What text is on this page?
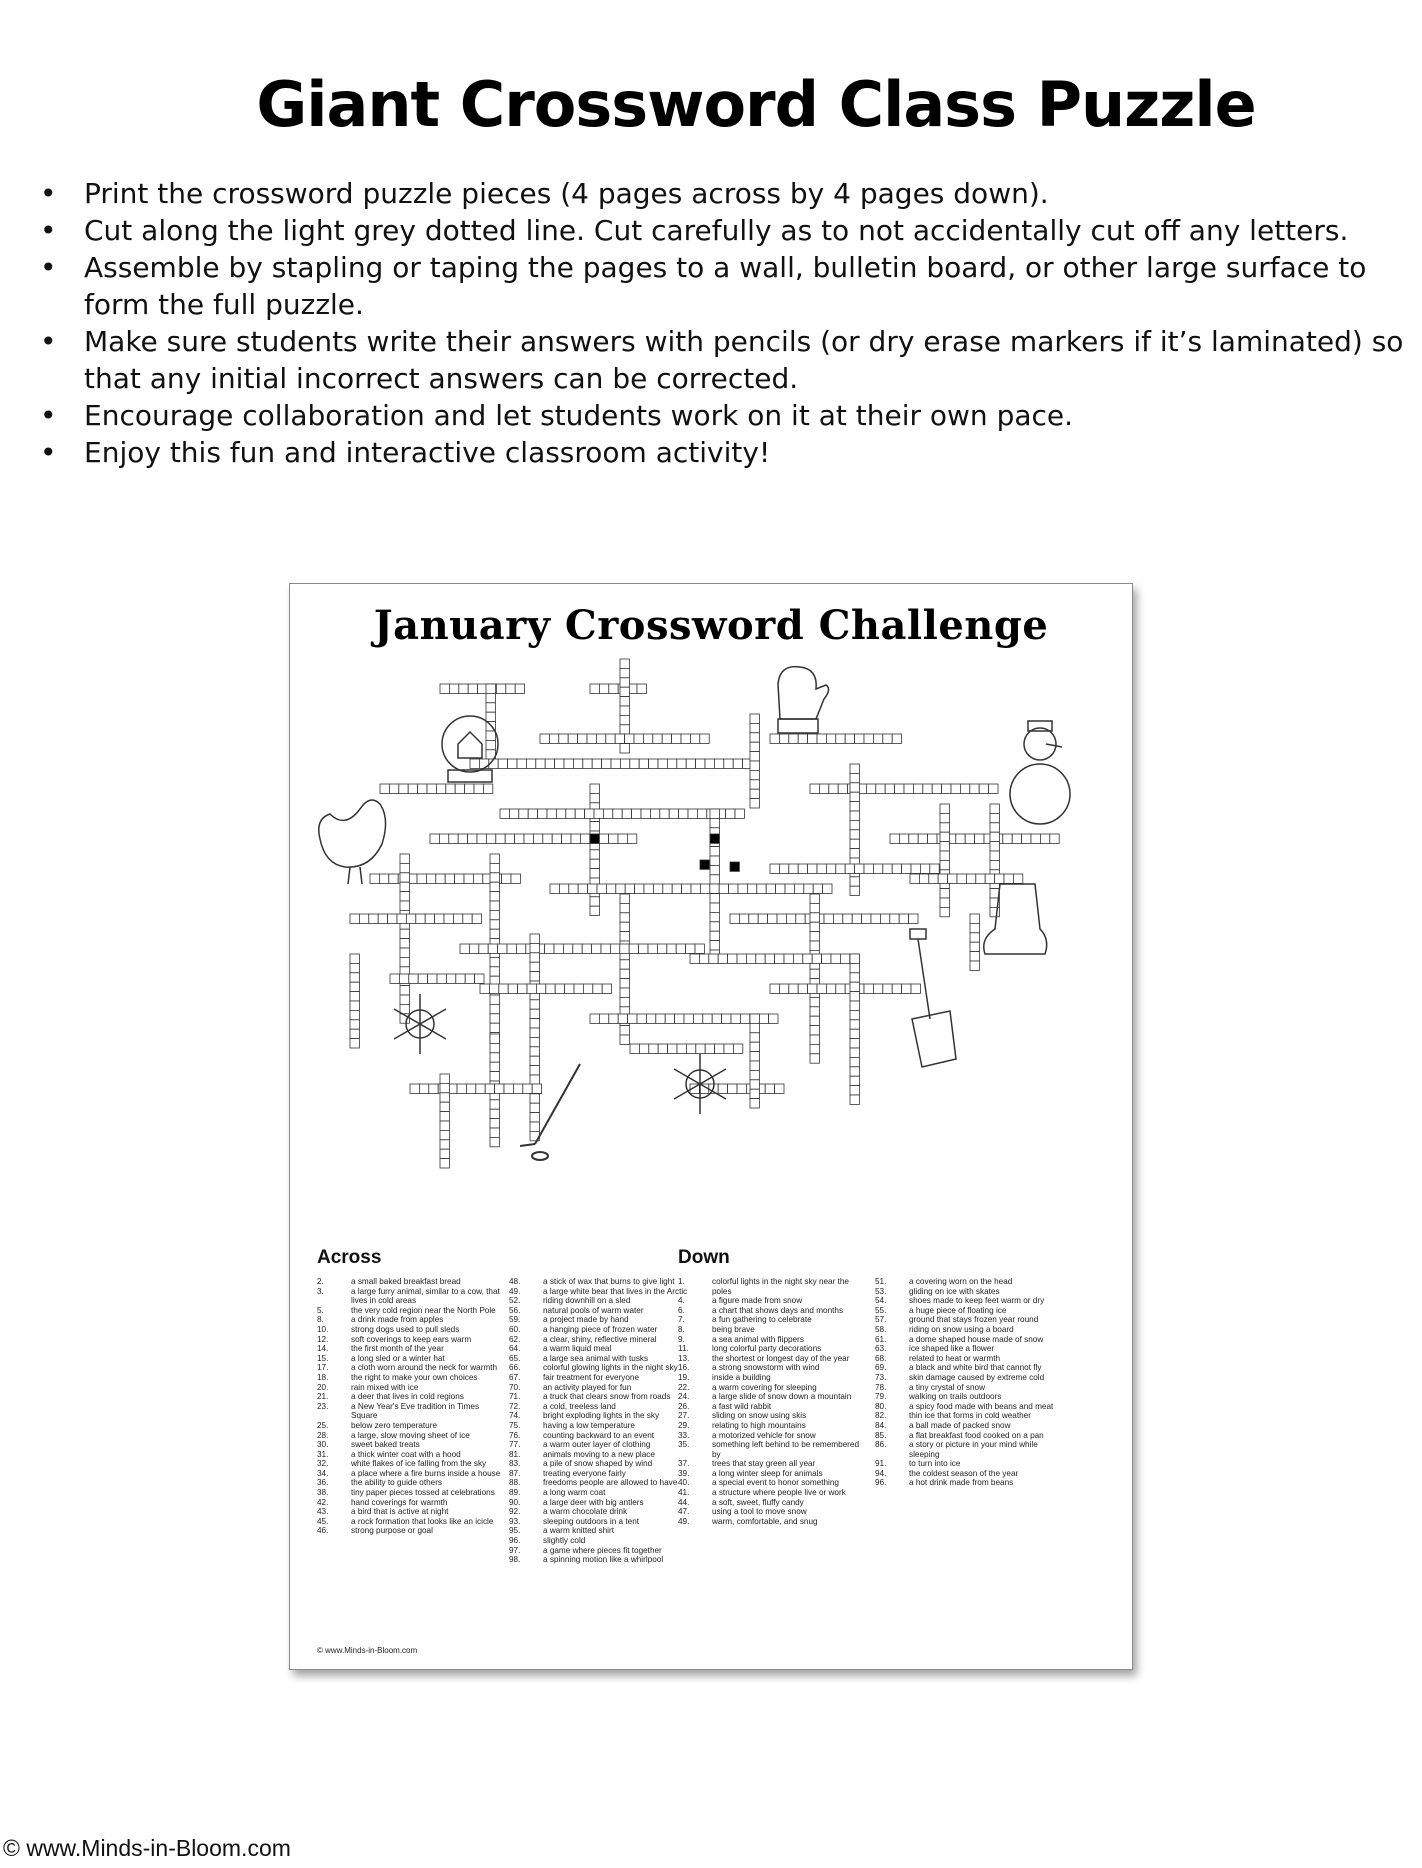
Giant Crossword Class Puzzle
• Print the crossword puzzle pieces (4 pages across by 4 pages down).
• Cut along the light grey dotted line. Cut carefully as to not accidentally cut off any letters.
• Assemble by stapling or taping the pages to a wall, bulletin board, or other large surface to form the full puzzle.
• Make sure students write their answers with pencils (or dry erase markers if it’s laminated) so that any initial incorrect answers can be corrected.
• Encourage collaboration and let students work on it at their own pace.
• Enjoy this fun and interactive classroom activity!
January Crossword Challenge
Across
2.	a small baked breakfast bread
3.	a large furry animal, similar to a cow, that lives in cold areas
5.	the very cold region near the North Pole
8.	a drink made from apples
10.	strong dogs used to pull sleds
12.	soft coverings to keep ears warm
14.	the first month of the year
15.	a long sled or a winter hat
17.	a cloth worn around the neck for warmth
18.	the right to make your own choices
20.	rain mixed with ice
21.	a deer that lives in cold regions
23.	a New Year's Eve tradition in Times Square
25.	below zero temperature
28.	a large, slow moving sheet of ice
30.	sweet baked treats
31.	a thick winter coat with a hood
32.	white flakes of ice falling from the sky
34.	a place where a fire burns inside a house
36.	the ability to guide others
38.	tiny paper pieces tossed at celebrations
42.	hand coverings for warmth
43.	a bird that is active at night
45.	a rock formation that looks like an icicle
46.	strong purpose or goal
48.	a stick of wax that burns to give light
49.	a large white bear that lives in the Arctic
52.	riding downhill on a sled
56.	natural pools of warm water
59.	a project made by hand
60.	a hanging piece of frozen water
62.	a clear, shiny, reflective mineral
64.	a warm liquid meal
65.	a large sea animal with tusks
66.	colorful glowing lights in the night sky
67.	fair treatment for everyone
70.	an activity played for fun
71.	a truck that clears snow from roads
72.	a cold, treeless land
74.	bright exploding lights in the sky
75.	having a low temperature
76.	counting backward to an event
77.	a warm outer layer of clothing
81.	animals moving to a new place
83.	a pile of snow shaped by wind
87.	treating everyone fairly
88.	freedoms people are allowed to have
89.	a long warm coat
90.	a large deer with big antlers
92.	a warm chocolate drink
93.	sleeping outdoors in a tent
95.	a warm knitted shirt
96.	slightly cold
97.	a game where pieces fit together
98.	a spinning motion like a whirlpool
Down
1.	colorful lights in the night sky near the poles
4.	a figure made from snow
6.	a chart that shows days and months
7.	a fun gathering to celebrate
8.	being brave
9.	a sea animal with flippers
11.	long colorful party decorations
13.	the shortest or longest day of the year
16.	a strong snowstorm with wind
19.	inside a building
22.	a warm covering for sleeping
24.	a large slide of snow down a mountain
26.	a fast wild rabbit
27.	sliding on snow using skis
29.	relating to high mountains
33.	a motorized vehicle for snow
35.	something left behind to be remembered by
37.	trees that stay green all year
39.	a long winter sleep for animals
40.	a special event to honor something
41.	a structure where people live or work
44.	a soft, sweet, fluffy candy
47.	using a tool to move snow
49.	warm, comfortable, and snug
51.	a covering worn on the head
53.	gliding on ice with skates
54.	shoes made to keep feet warm or dry
55.	a huge piece of floating ice
57.	ground that stays frozen year round
58.	riding on snow using a board
61.	a dome shaped house made of snow
63.	ice shaped like a flower
68.	related to heat or warmth
69.	a black and white bird that cannot fly
73.	skin damage caused by extreme cold
78.	a tiny crystal of snow
79.	walking on trails outdoors
80.	a spicy food made with beans and meat
82.	thin ice that forms in cold weather
84.	a ball made of packed snow
85.	a flat breakfast food cooked on a pan
86.	a story or picture in your mind while sleeping
91.	to turn into ice
94.	the coldest season of the year
96.	a hot drink made from beans
© www.Minds-in-Bloom.com
© www.Minds-in-Bloom.com
